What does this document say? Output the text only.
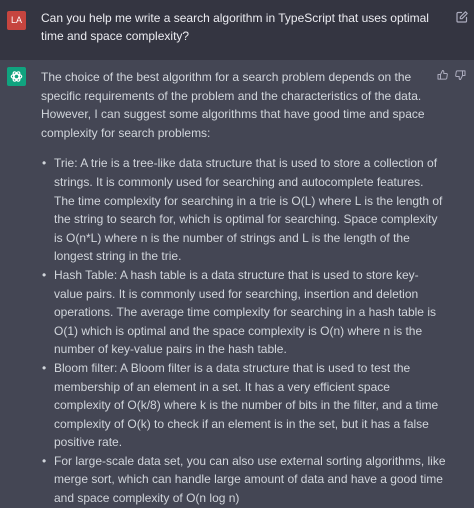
LA	Can you help me write a search algorithm in TypeScript that uses optimal time and space complexity?

The choice of the best algorithm for a search problem depends on the specific requirements of the problem and the characteristics of the data. However, I can suggest some algorithms that have good time and space complexity for search problems:

• Trie: A trie is a tree-like data structure that is used to store a collection of strings. It is commonly used for searching and autocomplete features. The time complexity for searching in a trie is O(L) where L is the length of the string to search for, which is optimal for searching. Space complexity is O(n*L) where n is the number of strings and L is the length of the longest string in the trie.
• Hash Table: A hash table is a data structure that is used to store key-value pairs. It is commonly used for searching, insertion and deletion operations. The average time complexity for searching in a hash table is O(1) which is optimal and the space complexity is O(n) where n is the number of key-value pairs in the hash table.
• Bloom filter: A Bloom filter is a data structure that is used to test the membership of an element in a set. It has a very efficient space complexity of O(k/8) where k is the number of bits in the filter, and a time complexity of O(k) to check if an element is in the set, but it has a false positive rate.
• For large-scale data set, you can also use external sorting algorithms, like merge sort, which can handle large amount of data and have a good time and space complexity of O(n log n)
